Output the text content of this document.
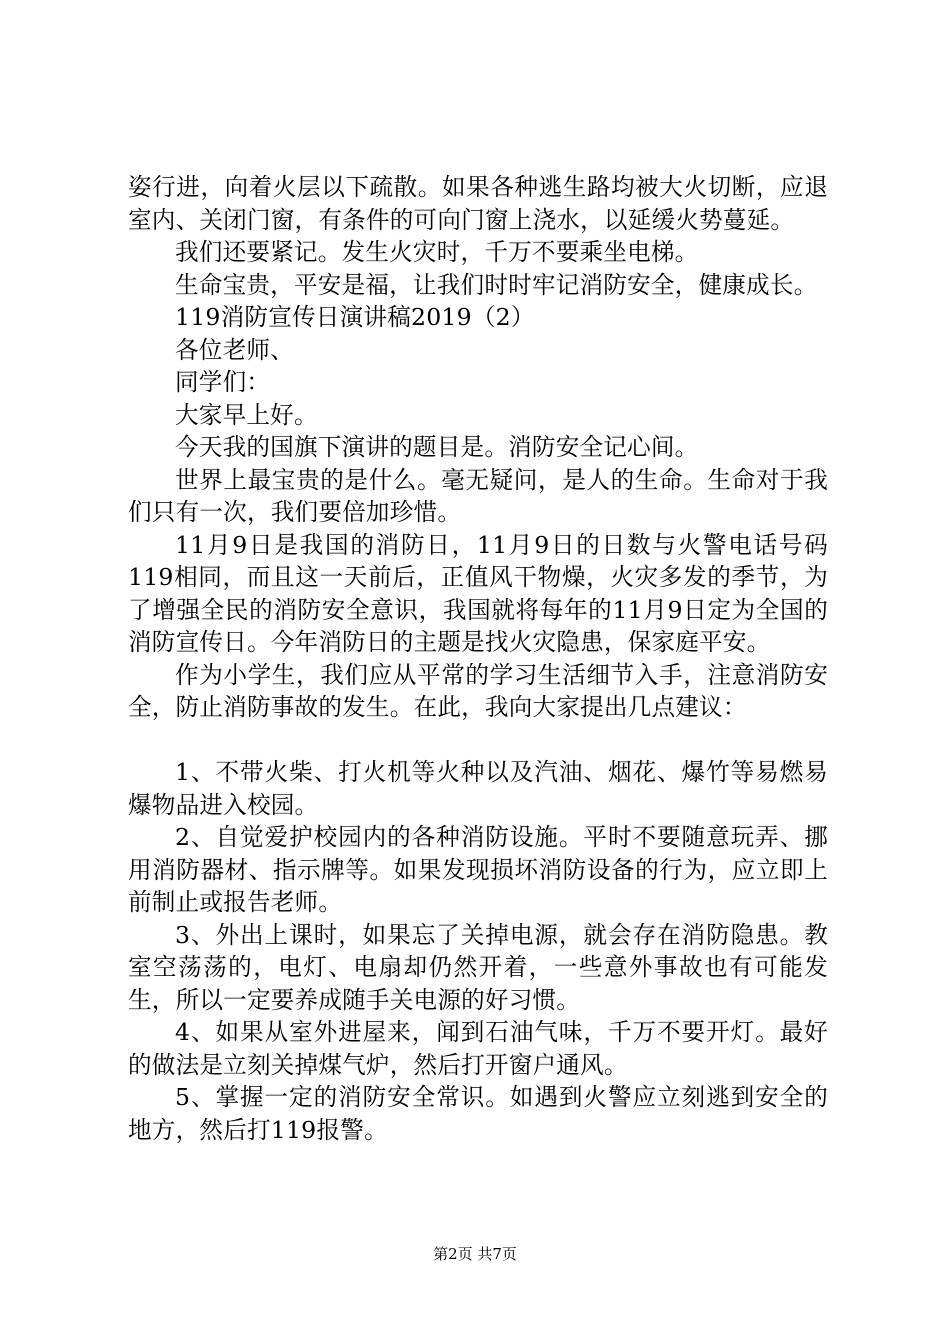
姿行进，向着火层以下疏散。如果各种逃生路均被大火切断，应退室内、关闭门窗，有条件的可向门窗上浇水，以延缓火势蔓延。

我们还要紧记。发生火灾时，千万不要乘坐电梯。

生命宝贵，平安是福，让我们时时牢记消防安全，健康成长。

119消防宣传日演讲稿2019（2）

各位老师、

同学们：

大家早上好。

今天我的国旗下演讲的题目是。消防安全记心间。

世界上最宝贵的是什么。毫无疑问，是人的生命。生命对于我们只有一次，我们要倍加珍惜。

11月9日是我国的消防日，11月9日的日数与火警电话号码119相同，而且这一天前后，正值风干物燥，火灾多发的季节，为了增强全民的消防安全意识，我国就将每年的11月9日定为全国的消防宣传日。今年消防日的主题是找火灾隐患，保家庭平安。

作为小学生，我们应从平常的学习生活细节入手，注意消防安全，防止消防事故的发生。在此，我向大家提出几点建议：

1、不带火柴、打火机等火种以及汽油、烟花、爆竹等易燃易爆物品进入校园。

2、自觉爱护校园内的各种消防设施。平时不要随意玩弄、挪用消防器材、指示牌等。如果发现损坏消防设备的行为，应立即上前制止或报告老师。

3、外出上课时，如果忘了关掉电源，就会存在消防隐患。教室空荡荡的，电灯、电扇却仍然开着，一些意外事故也有可能发生，所以一定要养成随手关电源的好习惯。

4、如果从室外进屋来，闻到石油气味，千万不要开灯。最好的做法是立刻关掉煤气炉，然后打开窗户通风。

5、掌握一定的消防安全常识。如遇到火警应立刻逃到安全的地方，然后打119报警。

第2页 共7页
